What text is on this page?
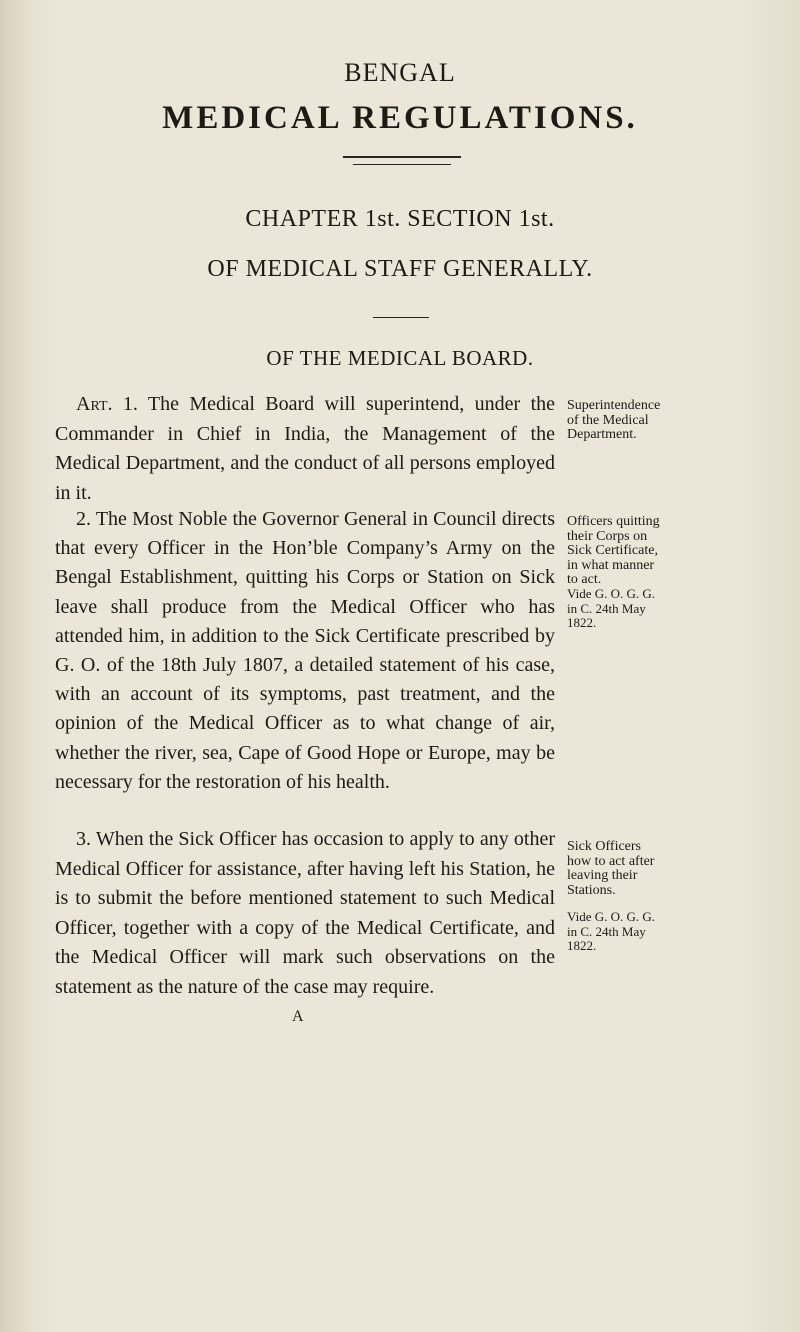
BENGAL
MEDICAL REGULATIONS.
CHAPTER 1st. SECTION 1st.
OF MEDICAL STAFF GENERALLY.
OF THE MEDICAL BOARD.
Art. 1. The Medical Board will superintend, under the Commander in Chief in India, the Management of the Medical Department, and the conduct of all persons employed in it.
2. The Most Noble the Governor General in Council directs that every Officer in the Hon’ble Company’s Army on the Bengal Establishment, quitting his Corps or Station on Sick leave shall produce from the Medical Officer who has attended him, in addition to the Sick Certificate prescribed by G. O. of the 18th July 1807, a detailed statement of his case, with an account of its symptoms, past treatment, and the opinion of the Medical Officer as to what change of air, whether the river, sea, Cape of Good Hope or Europe, may be necessary for the restoration of his health.
3. When the Sick Officer has occasion to apply to any other Medical Officer for assistance, after having left his Station, he is to submit the before mentioned statement to such Medical Officer, together with a copy of the Medical Certificate, and the Medical Officer will mark such observations on the statement as the nature of the case may require.
Superintendence of the Medical Department.
Officers quitting their Corps on Sick Certificate, in what manner to act.
Vide G. O. G. G. in C. 24th May 1822.
Sick Officers how to act after leaving their Stations.
Vide G. O. G. G. in C. 24th May 1822.
A
